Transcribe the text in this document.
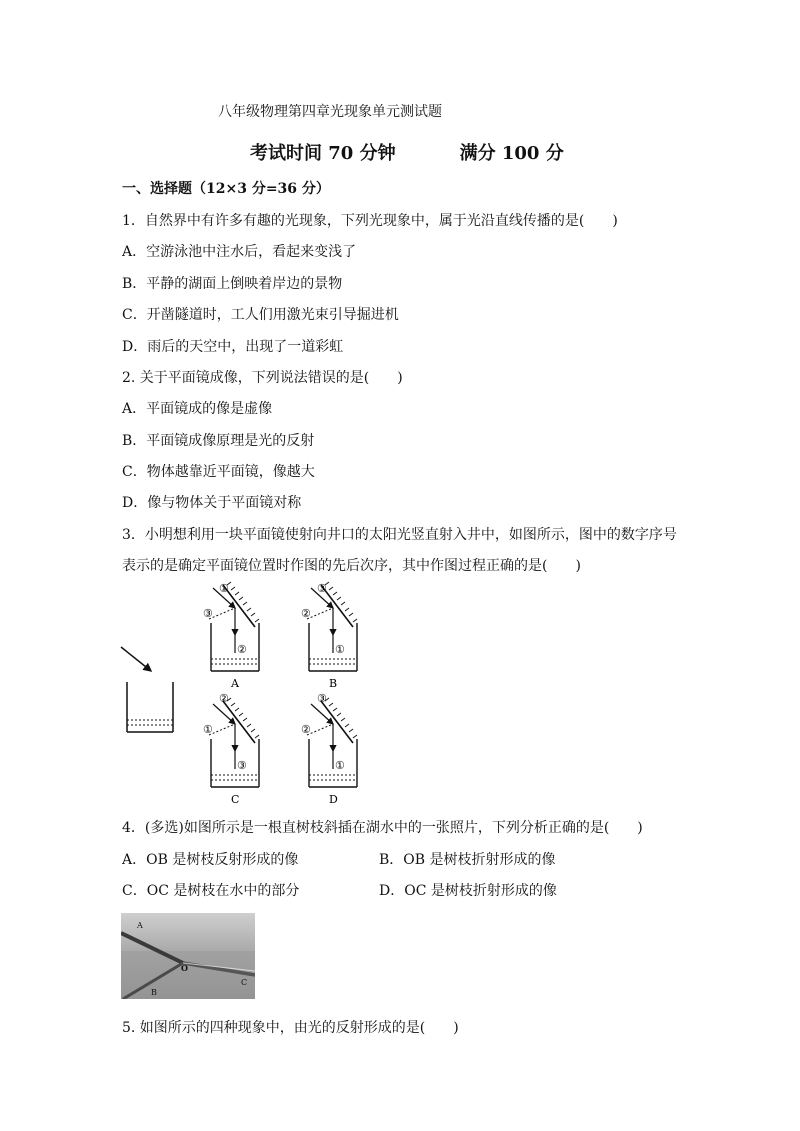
八年级物理第四章光现象单元测试题
考试时间 70 分钟	满分 100 分
一、选择题（12×3 分=36 分）
1．自然界中有许多有趣的光现象，下列光现象中，属于光沿直线传播的是(　　)
A．空游泳池中注水后，看起来变浅了
B．平静的湖面上倒映着岸边的景物
C．开凿隧道时，工人们用激光束引导掘进机
D．雨后的天空中，出现了一道彩虹
2. 关于平面镜成像，下列说法错误的是(　　)
A．平面镜成的像是虚像
B．平面镜成像原理是光的反射
C．物体越靠近平面镜，像越大
D．像与物体关于平面镜对称
3．小明想利用一块平面镜使射向井口的太阳光竖直射入井中，如图所示，图中的数字序号
表示的是确定平面镜位置时作图的先后次序，其中作图过程正确的是(　　)
①
③
②
A
③
②
①
B
②
①
③
C
③
②
①
D
4．(多选)如图所示是一根直树枝斜插在湖水中的一张照片，下列分析正确的是(　　)
A．OB 是树枝反射形成的像	B．OB 是树枝折射形成的像
C．OC 是树枝在水中的部分	D．OC 是树枝折射形成的像
A
O
B
C
5. 如图所示的四种现象中，由光的反射形成的是(　　)
